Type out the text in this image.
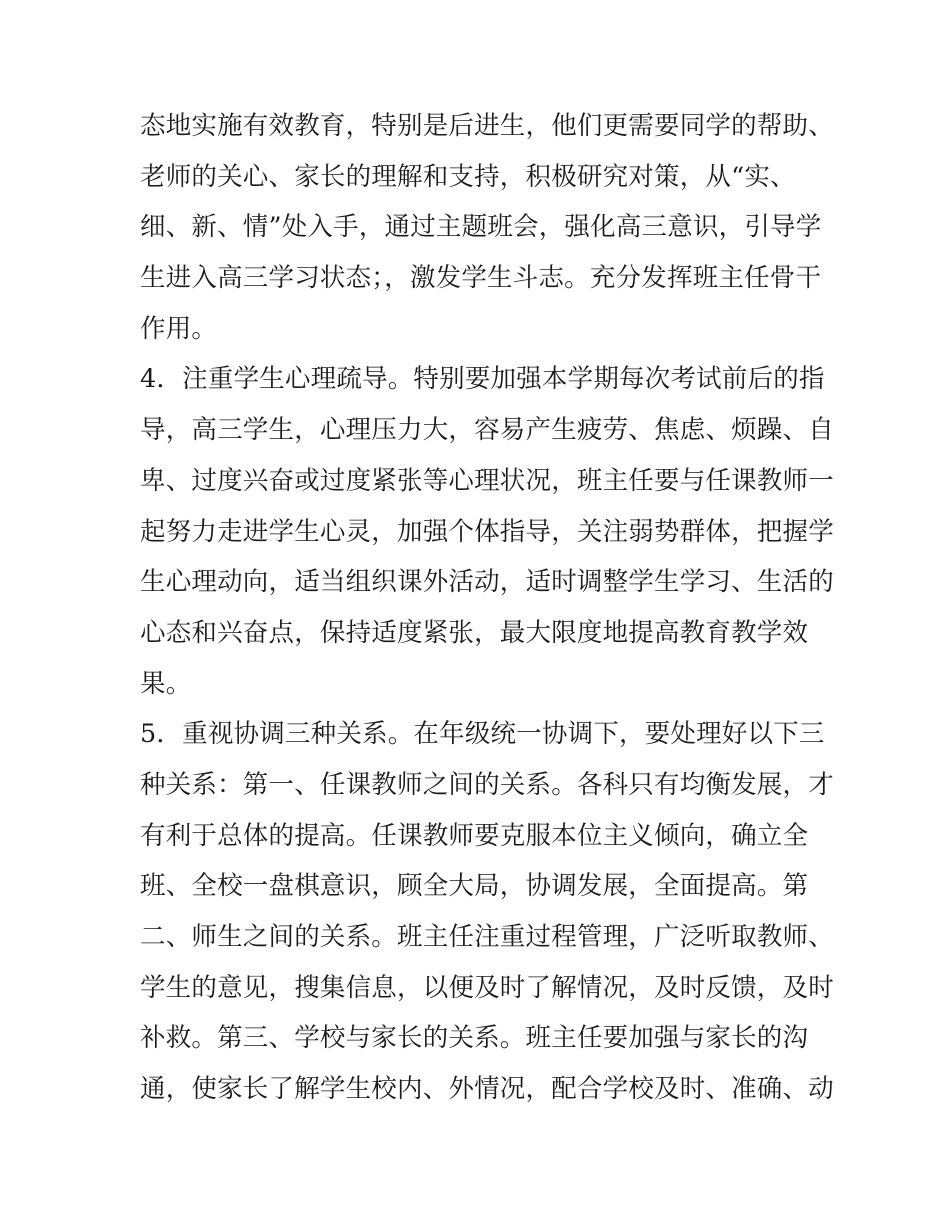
态地实施有效教育，特别是后进生，他们更需要同学的帮助、
老师的关心、家长的理解和支持，积极研究对策，从“实、
细、新、情”处入手，通过主题班会，强化高三意识，引导学
生进入高三学习状态；，激发学生斗志。充分发挥班主任骨干
作用。
4．注重学生心理疏导。特别要加强本学期每次考试前后的指
导，高三学生，心理压力大，容易产生疲劳、焦虑、烦躁、自
卑、过度兴奋或过度紧张等心理状况，班主任要与任课教师一
起努力走进学生心灵，加强个体指导，关注弱势群体，把握学
生心理动向，适当组织课外活动，适时调整学生学习、生活的
心态和兴奋点，保持适度紧张，最大限度地提高教育教学效
果。
5．重视协调三种关系。在年级统一协调下，要处理好以下三
种关系：第一、任课教师之间的关系。各科只有均衡发展，才
有利于总体的提高。任课教师要克服本位主义倾向，确立全
班、全校一盘棋意识，顾全大局，协调发展，全面提高。第
二、师生之间的关系。班主任注重过程管理，广泛听取教师、
学生的意见，搜集信息，以便及时了解情况，及时反馈，及时
补救。第三、学校与家长的关系。班主任要加强与家长的沟
通，使家长了解学生校内、外情况，配合学校及时、准确、动
